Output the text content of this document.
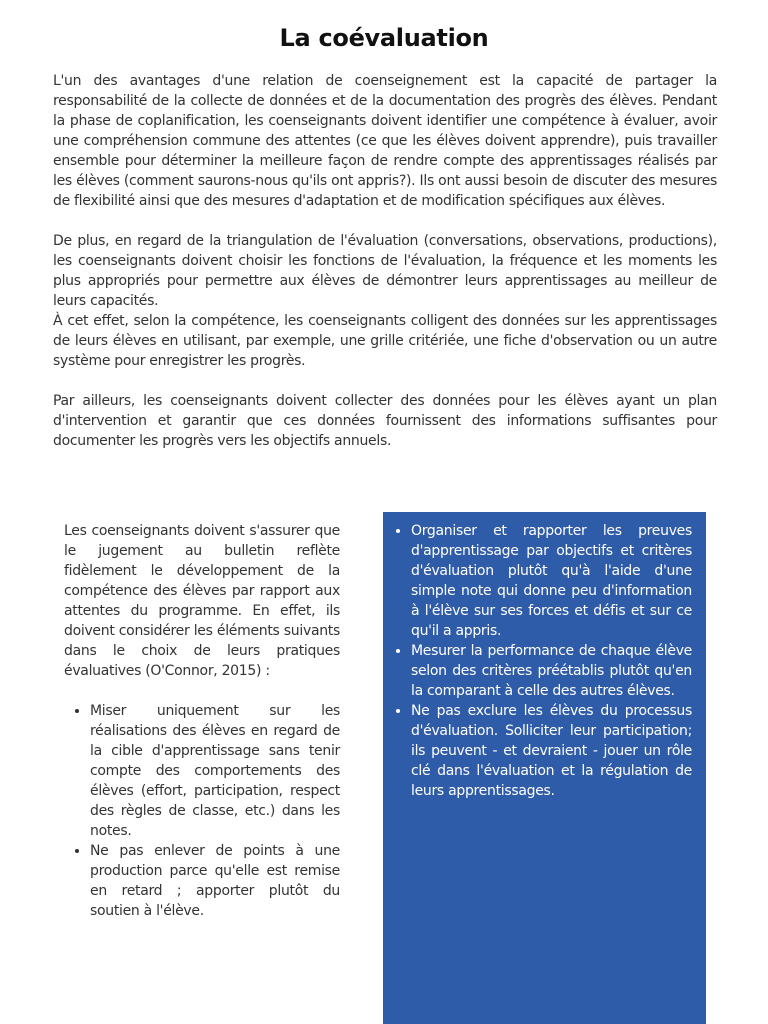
La coévaluation

L'un des avantages d'une relation de coenseignement est la capacité de partager la responsabilité de la collecte de données et de la documentation des progrès des élèves. Pendant la phase de coplanification, les coenseignants doivent identifier une compétence à évaluer, avoir une compréhension commune des attentes (ce que les élèves doivent apprendre), puis travailler ensemble pour déterminer la meilleure façon de rendre compte des apprentissages réalisés par les élèves (comment saurons-nous qu'ils ont appris?). Ils ont aussi besoin de discuter des mesures de flexibilité ainsi que des mesures d'adaptation et de modification spécifiques aux élèves.

De plus, en regard de la triangulation de l'évaluation (conversations, observations, productions), les coenseignants doivent choisir les fonctions de l'évaluation, la fréquence et les moments les plus appropriés pour permettre aux élèves de démontrer leurs apprentissages au meilleur de leurs capacités.

À cet effet, selon la compétence, les coenseignants colligent des données sur les apprentissages de leurs élèves en utilisant, par exemple, une grille critériée, une fiche d'observation ou un autre système pour enregistrer les progrès.

Par ailleurs, les coenseignants doivent collecter des données pour les élèves ayant un plan d'intervention et garantir que ces données fournissent des informations suffisantes pour documenter les progrès vers les objectifs annuels.

Les coenseignants doivent s'assurer que le jugement au bulletin reflète fidèlement le développement de la compétence des élèves par rapport aux attentes du programme. En effet, ils doivent considérer les éléments suivants dans le choix de leurs pratiques évaluatives (O'Connor, 2015) :

• Miser uniquement sur les réalisations des élèves en regard de la cible d'apprentissage sans tenir compte des comportements des élèves (effort, participation, respect des règles de classe, etc.) dans les notes.
• Ne pas enlever de points à une production parce qu'elle est remise en retard ; apporter plutôt du soutien à l'élève.
• Organiser et rapporter les preuves d'apprentissage par objectifs et critères d'évaluation plutôt qu'à l'aide d'une simple note qui donne peu d'information à l'élève sur ses forces et défis et sur ce qu'il a appris.
• Mesurer la performance de chaque élève selon des critères préétablis plutôt qu'en la comparant à celle des autres élèves.
• Ne pas exclure les élèves du processus d'évaluation. Solliciter leur participation; ils peuvent - et devraient - jouer un rôle clé dans l'évaluation et la régulation de leurs apprentissages.
